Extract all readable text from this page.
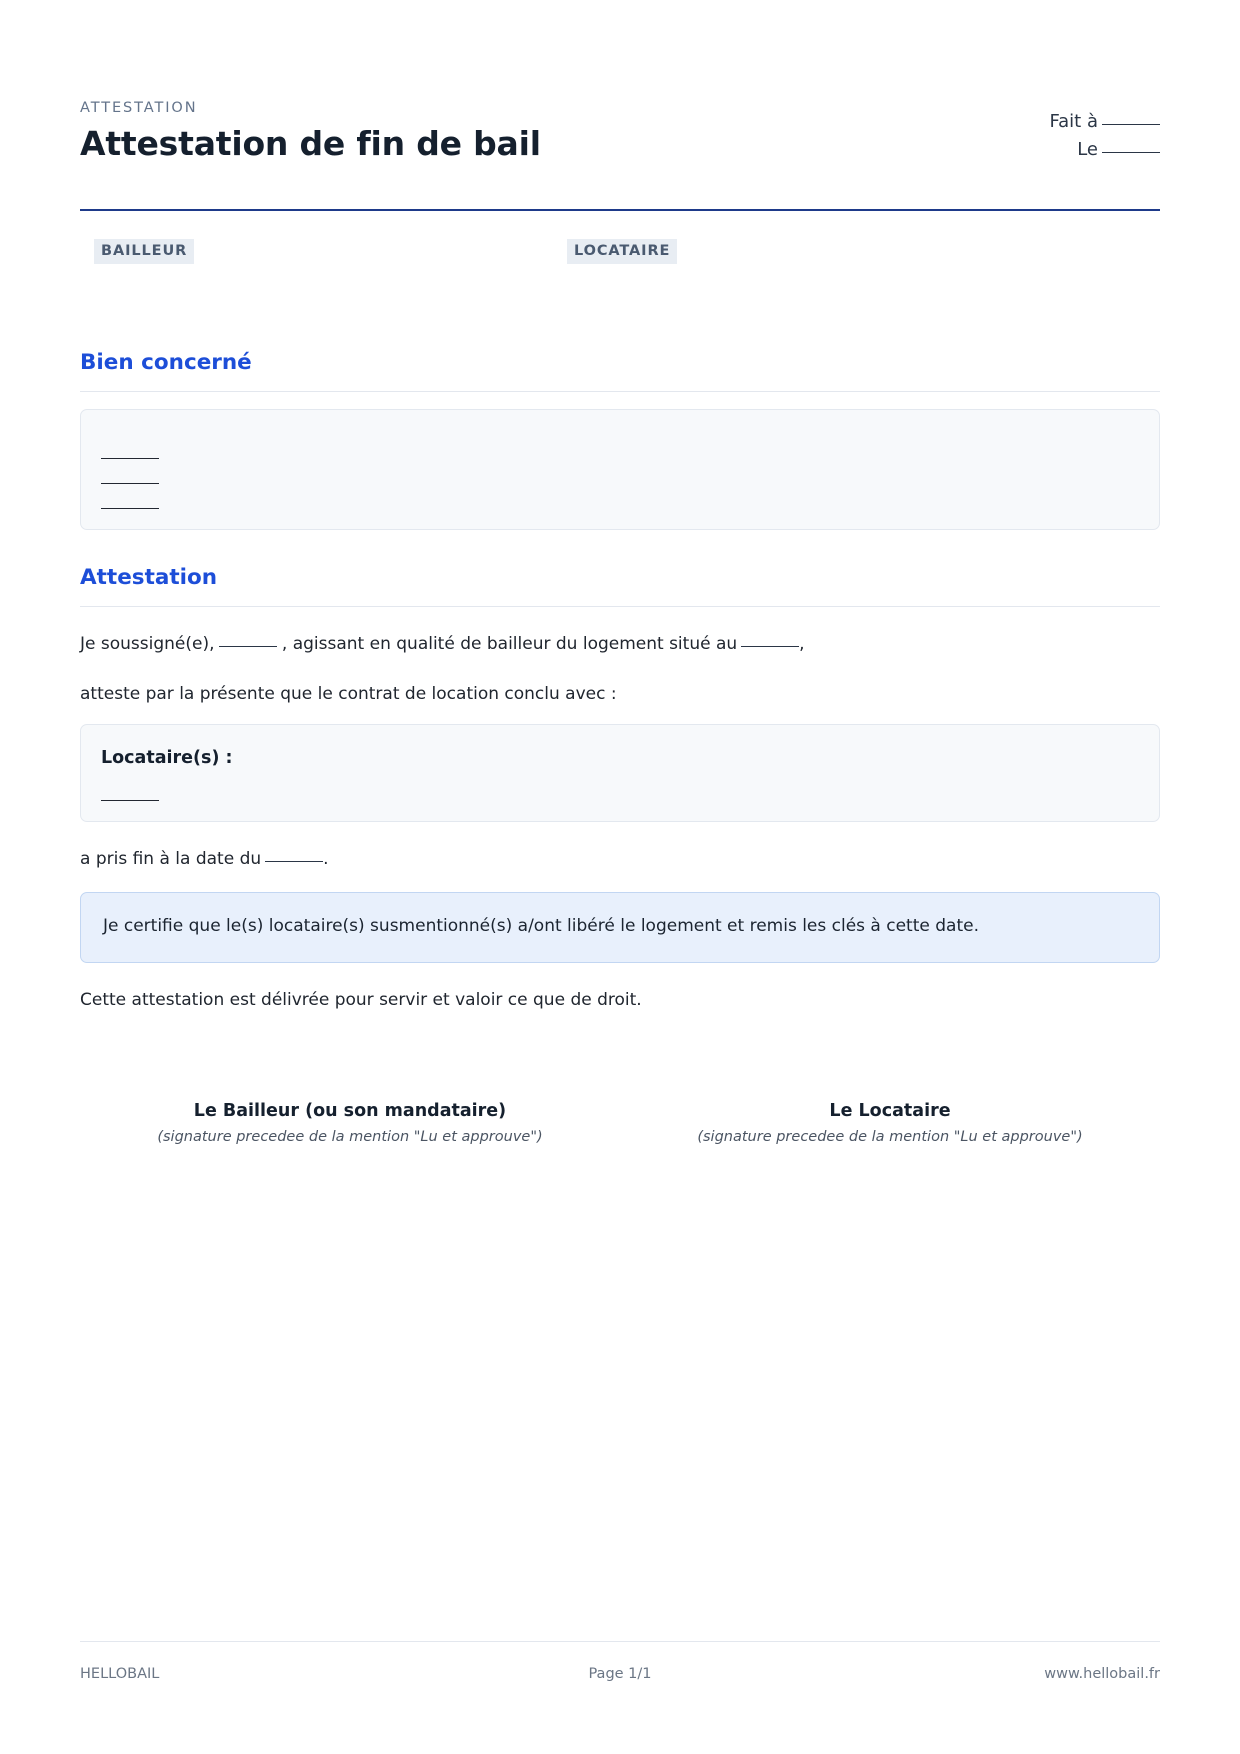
ATTESTATION
Attestation de fin de bail
Fait à
Le
BAILLEUR	LOCATAIRE
Bien concerné
Attestation

Je soussigné(e),	, agissant en qualité de bailleur du logement situé au	,

atteste par la présente que le contrat de location conclu avec :

Locataire(s) :

a pris fin à la date du	.

Je certifie que le(s) locataire(s) susmentionné(s) a/ont libéré le logement et remis les clés à cette date.

Cette attestation est délivrée pour servir et valoir ce que de droit.

Le Bailleur (ou son mandataire)

(signature precedee de la mention "Lu et approuve")

Le Locataire

(signature precedee de la mention "Lu et approuve")

HELLOBAIL	Page 1/1	www.hellobail.fr
